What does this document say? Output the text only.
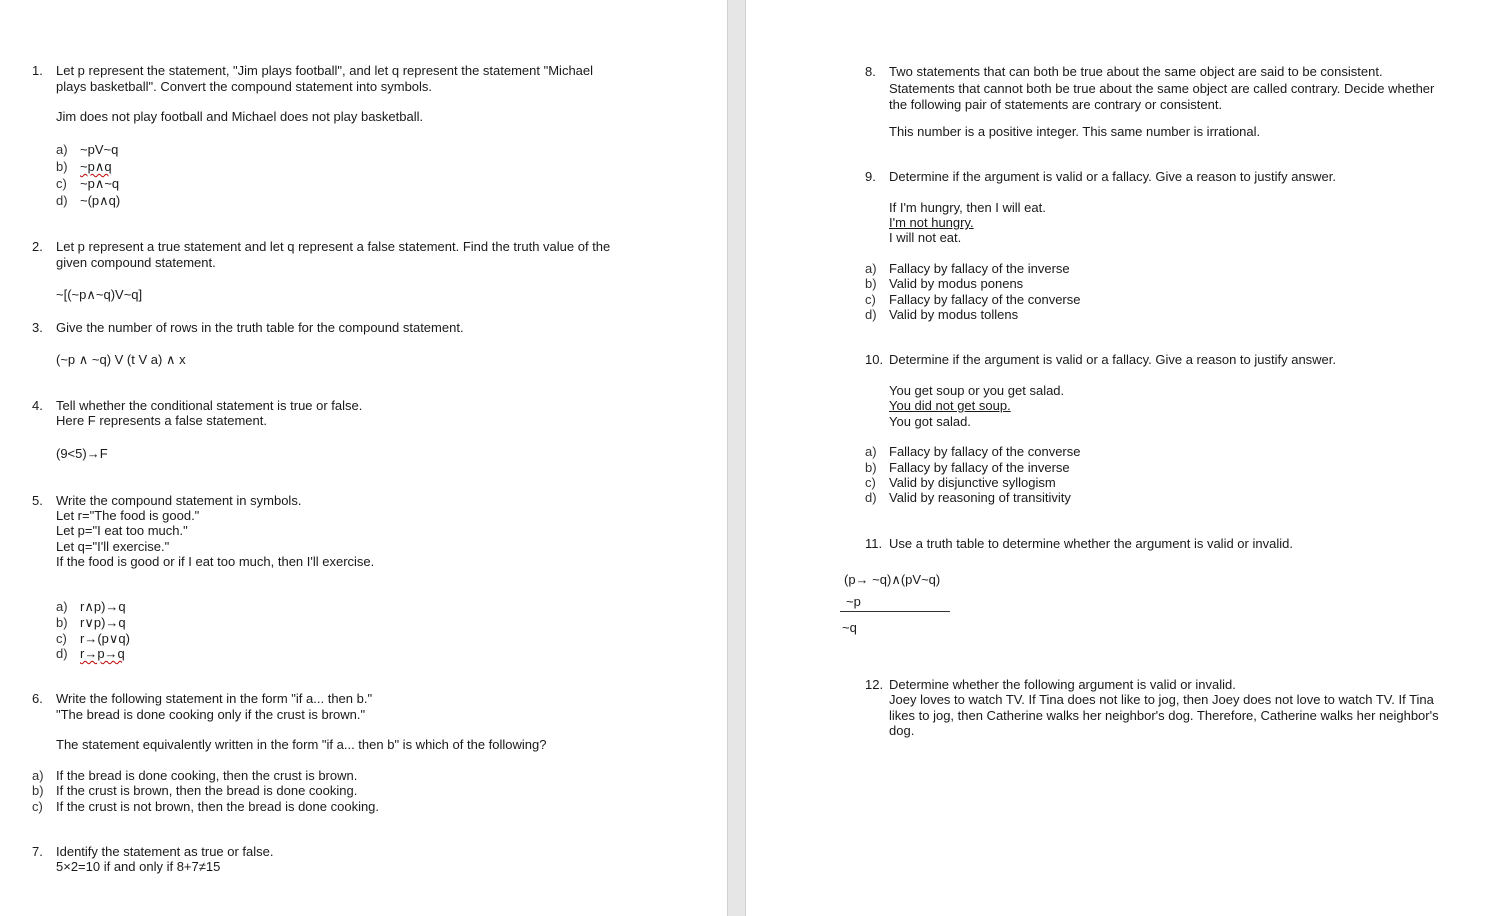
1. Let p represent the statement, "Jim plays football", and let q represent the statement "Michael
plays basketball". Convert the compound statement into symbols.
Jim does not play football and Michael does not play basketball.
a) ~pV~q
b) ~p∧q
c) ~p∧~q
d) ~(p∧q)
2. Let p represent a true statement and let q represent a false statement. Find the truth value of the
given compound statement.
~[(~p∧~q)V~q]
3. Give the number of rows in the truth table for the compound statement.
(~p ∧ ~q) V (t V a) ∧ x
4. Tell whether the conditional statement is true or false.
Here F represents a false statement.
(9<5)→F
5. Write the compound statement in symbols.
Let r="The food is good."
Let p="I eat too much."
Let q="I'll exercise."
If the food is good or if I eat too much, then I'll exercise.
a) r∧p)→q
b) r∨p)→q
c) r→(p∨q)
d) r→p→q
6. Write the following statement in the form "if a... then b."
"The bread is done cooking only if the crust is brown."
The statement equivalently written in the form "if a... then b" is which of the following?
a) If the bread is done cooking, then the crust is brown.
b) If the crust is brown, then the bread is done cooking.
c) If the crust is not brown, then the bread is done cooking.
7. Identify the statement as true or false.
5×2=10 if and only if 8+7≠15
8. Two statements that can both be true about the same object are said to be consistent.
Statements that cannot both be true about the same object are called contrary. Decide whether
the following pair of statements are contrary or consistent.
This number is a positive integer. This same number is irrational.
9. Determine if the argument is valid or a fallacy. Give a reason to justify answer.
If I'm hungry, then I will eat.
I'm not hungry.
I will not eat.
a) Fallacy by fallacy of the inverse
b) Valid by modus ponens
c) Fallacy by fallacy of the converse
d) Valid by modus tollens
10. Determine if the argument is valid or a fallacy. Give a reason to justify answer.
You get soup or you get salad.
You did not get soup.
You got salad.
a) Fallacy by fallacy of the converse
b) Fallacy by fallacy of the inverse
c) Valid by disjunctive syllogism
d) Valid by reasoning of transitivity
11. Use a truth table to determine whether the argument is valid or invalid.
(p→ ~q)∧(pV~q)
~p
~q
12. Determine whether the following argument is valid or invalid.
Joey loves to watch TV. If Tina does not like to jog, then Joey does not love to watch TV. If Tina
likes to jog, then Catherine walks her neighbor's dog. Therefore, Catherine walks her neighbor's
dog.
